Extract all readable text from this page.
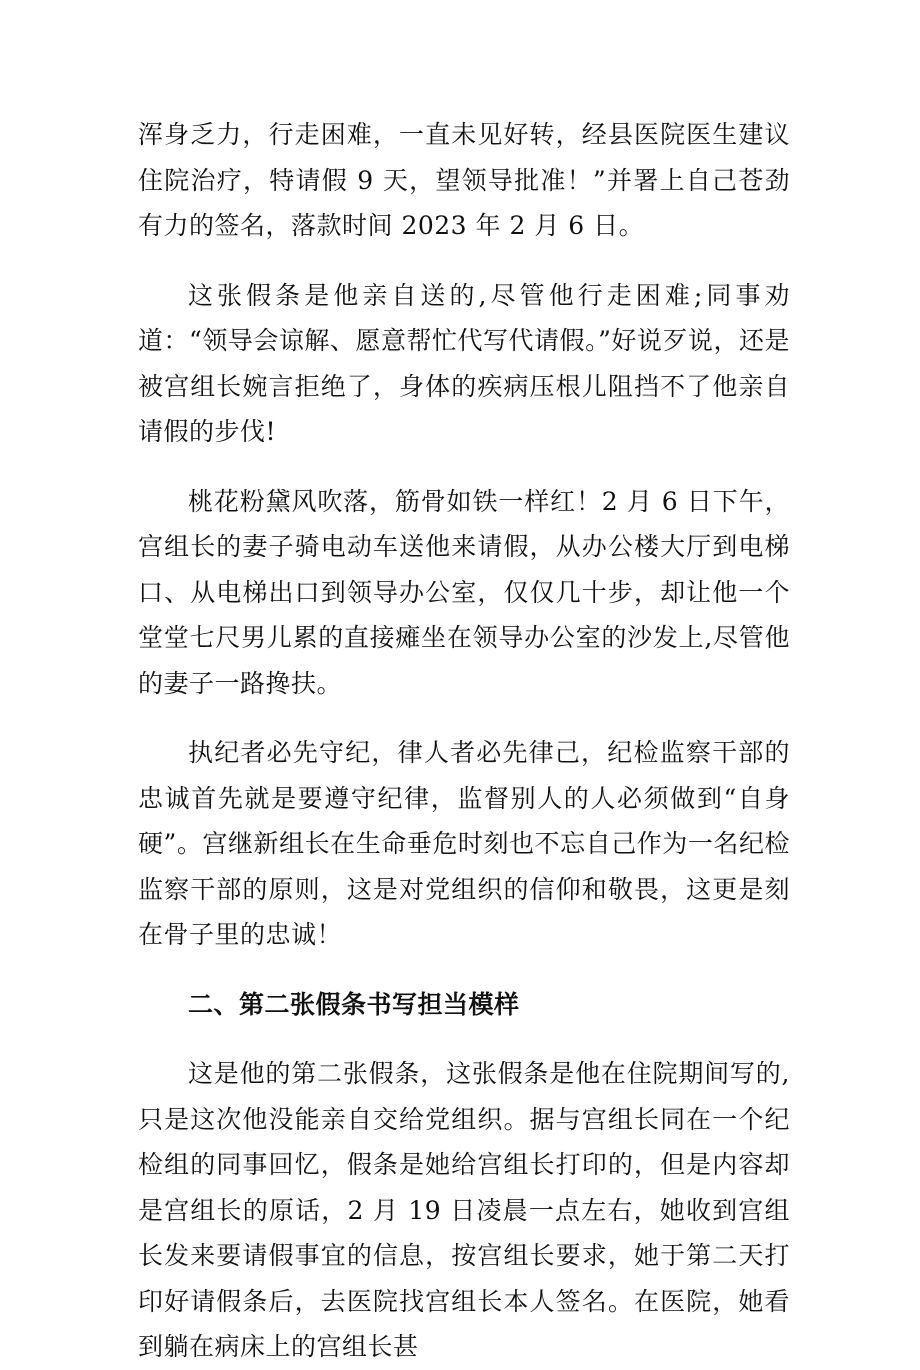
浑身乏力，行走困难，一直未见好转，经县医院医生建议住院治疗，特请假 9 天，望领导批准！”并署上自己苍劲有力的签名，落款时间 2023 年 2 月 6 日。

这张假条是他亲自送的,尽管他行走困难;同事劝道：“领导会谅解、愿意帮忙代写代请假。”好说歹说，还是被宫组长婉言拒绝了，身体的疾病压根儿阻挡不了他亲自请假的步伐!

桃花粉黛风吹落，筋骨如铁一样红！2 月 6 日下午，宫组长的妻子骑电动车送他来请假，从办公楼大厅到电梯口、从电梯出口到领导办公室，仅仅几十步，却让他一个堂堂七尺男儿累的直接瘫坐在领导办公室的沙发上,尽管他的妻子一路搀扶。

执纪者必先守纪，律人者必先律己，纪检监察干部的忠诚首先就是要遵守纪律，监督别人的人必须做到“自身硬”。宫继新组长在生命垂危时刻也不忘自己作为一名纪检监察干部的原则，这是对党组织的信仰和敬畏，这更是刻在骨子里的忠诚！

二、第二张假条书写担当模样

这是他的第二张假条，这张假条是他在住院期间写的,只是这次他没能亲自交给党组织。据与宫组长同在一个纪检组的同事回忆，假条是她给宫组长打印的，但是内容却是宫组长的原话，2 月 19 日凌晨一点左右，她收到宫组长发来要请假事宜的信息，按宫组长要求，她于第二天打印好请假条后，去医院找宫组长本人签名。在医院，她看到躺在病床上的宫组长甚
